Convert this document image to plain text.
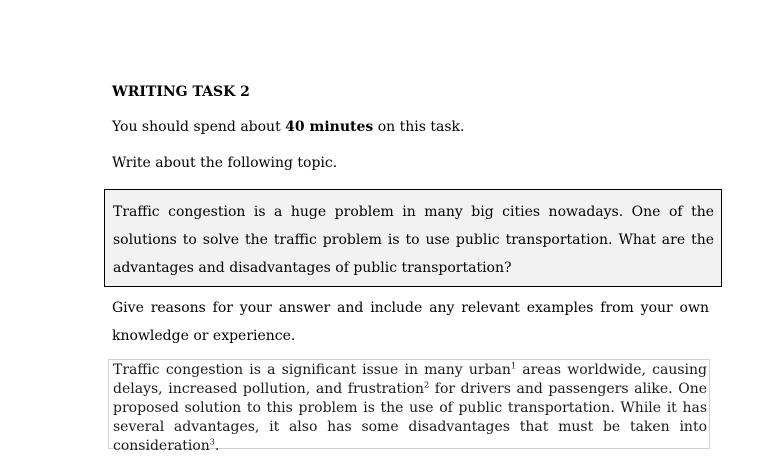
WRITING TASK 2
You should spend about 40 minutes on this task.
Write about the following topic.
Traffic congestion is a huge problem in many big cities nowadays. One of the solutions to solve the traffic problem is to use public transportation. What are the advantages and disadvantages of public transportation?
Give reasons for your answer and include any relevant examples from your own knowledge or experience.
Traffic congestion is a significant issue in many urban$^1$ areas worldwide, causing delays, increased pollution, and frustration$^2$ for drivers and passengers alike. One proposed solution to this problem is the use of public transportation. While it has several advantages, it also has some disadvantages that must be taken into consideration$^3$.
